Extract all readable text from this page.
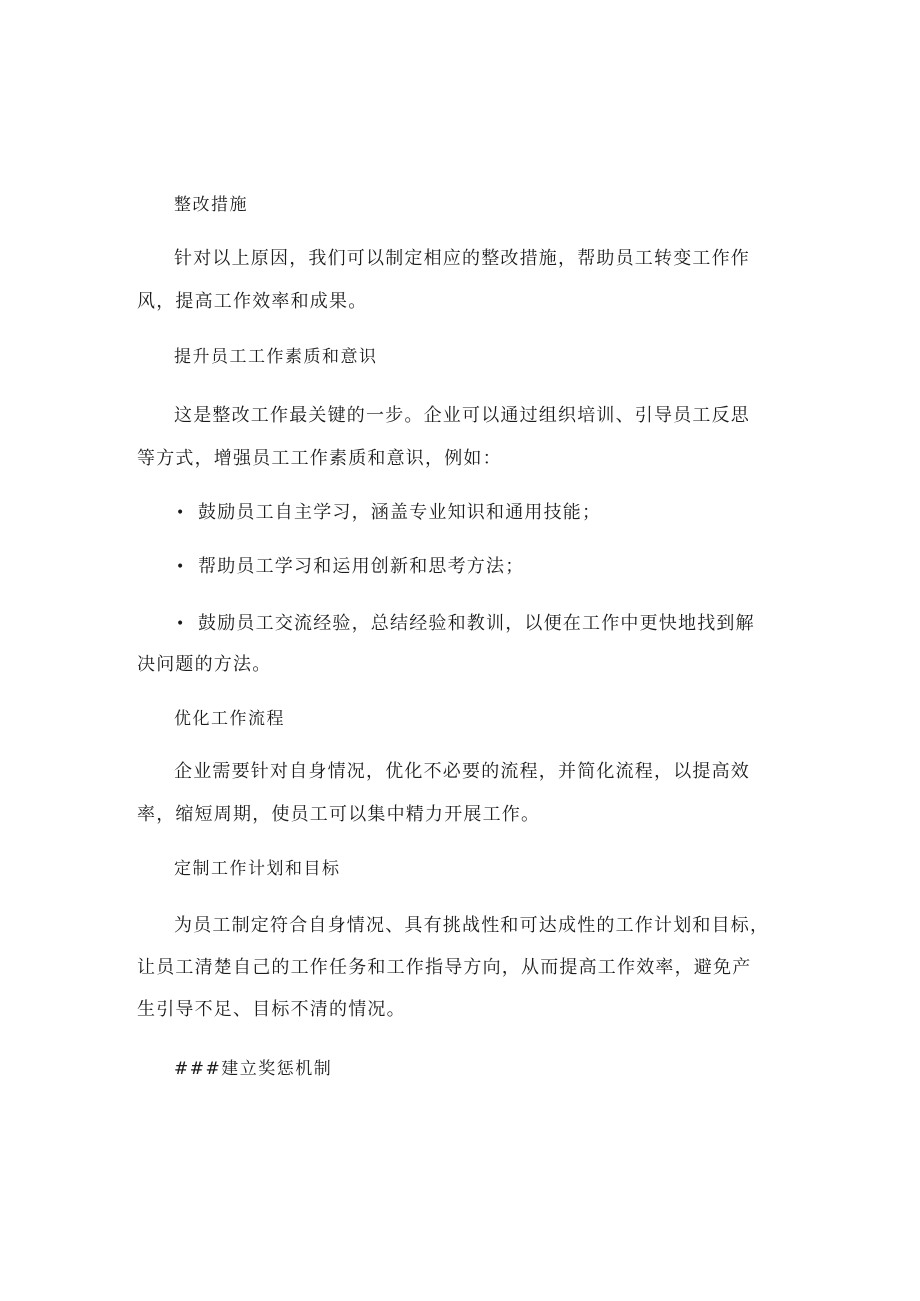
整改措施
针对以上原因，我们可以制定相应的整改措施，帮助员工转变工作作
风，提高工作效率和成果。
提升员工工作素质和意识
这是整改工作最关键的一步。企业可以通过组织培训、引导员工反思
等方式，增强员工工作素质和意识，例如：
• 鼓励员工自主学习，涵盖专业知识和通用技能；
• 帮助员工学习和运用创新和思考方法；
• 鼓励员工交流经验，总结经验和教训，以便在工作中更快地找到解
决问题的方法。
优化工作流程
企业需要针对自身情况，优化不必要的流程，并简化流程，以提高效
率，缩短周期，使员工可以集中精力开展工作。
定制工作计划和目标
为员工制定符合自身情况、具有挑战性和可达成性的工作计划和目标，
让员工清楚自己的工作任务和工作指导方向，从而提高工作效率，避免产
生引导不足、目标不清的情况。
###建立奖惩机制
